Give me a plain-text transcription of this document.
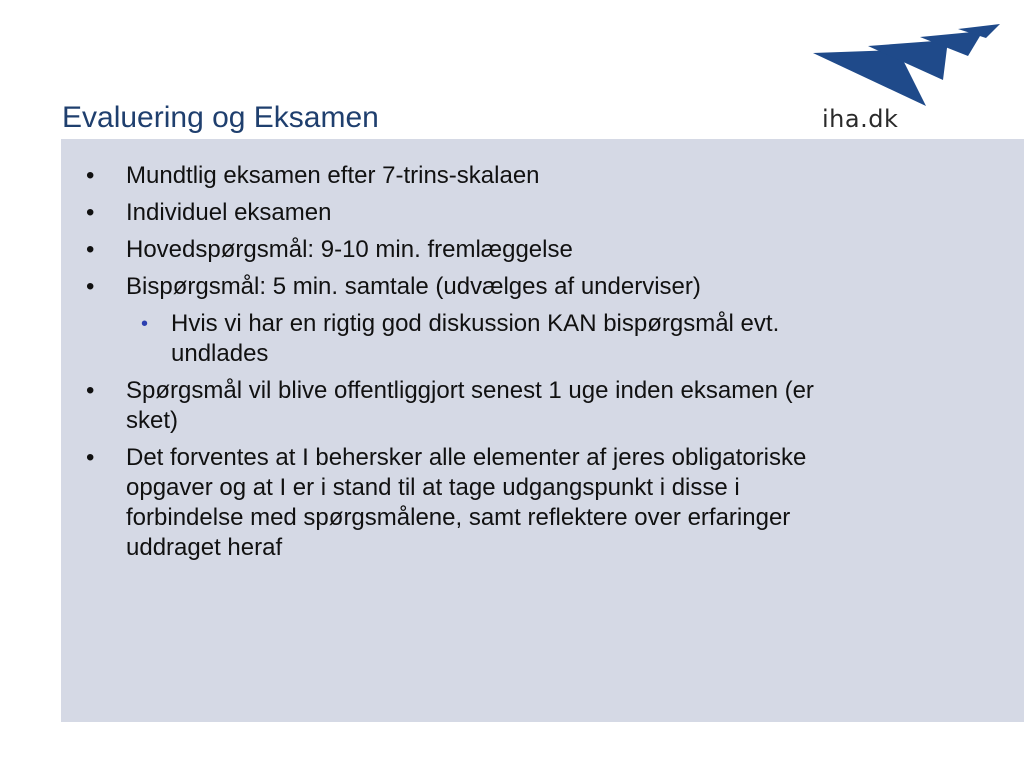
Evaluering og Eksamen	iha.dk
• Mundtlig eksamen efter 7-trins-skalaen
• Individuel eksamen
• Hovedspørgsmål: 9-10 min. fremlæggelse
• Bispørgsmål: 5 min. samtale (udvælges af underviser)
• Hvis vi har en rigtig god diskussion KAN bispørgsmål evt. undlades
• Spørgsmål vil blive offentliggjort senest 1 uge inden eksamen (er sket)
• Det forventes at I behersker alle elementer af jeres obligatoriske opgaver og at I er i stand til at tage udgangspunkt i disse i forbindelse med spørgsmålene, samt reflektere over erfaringer uddraget heraf
